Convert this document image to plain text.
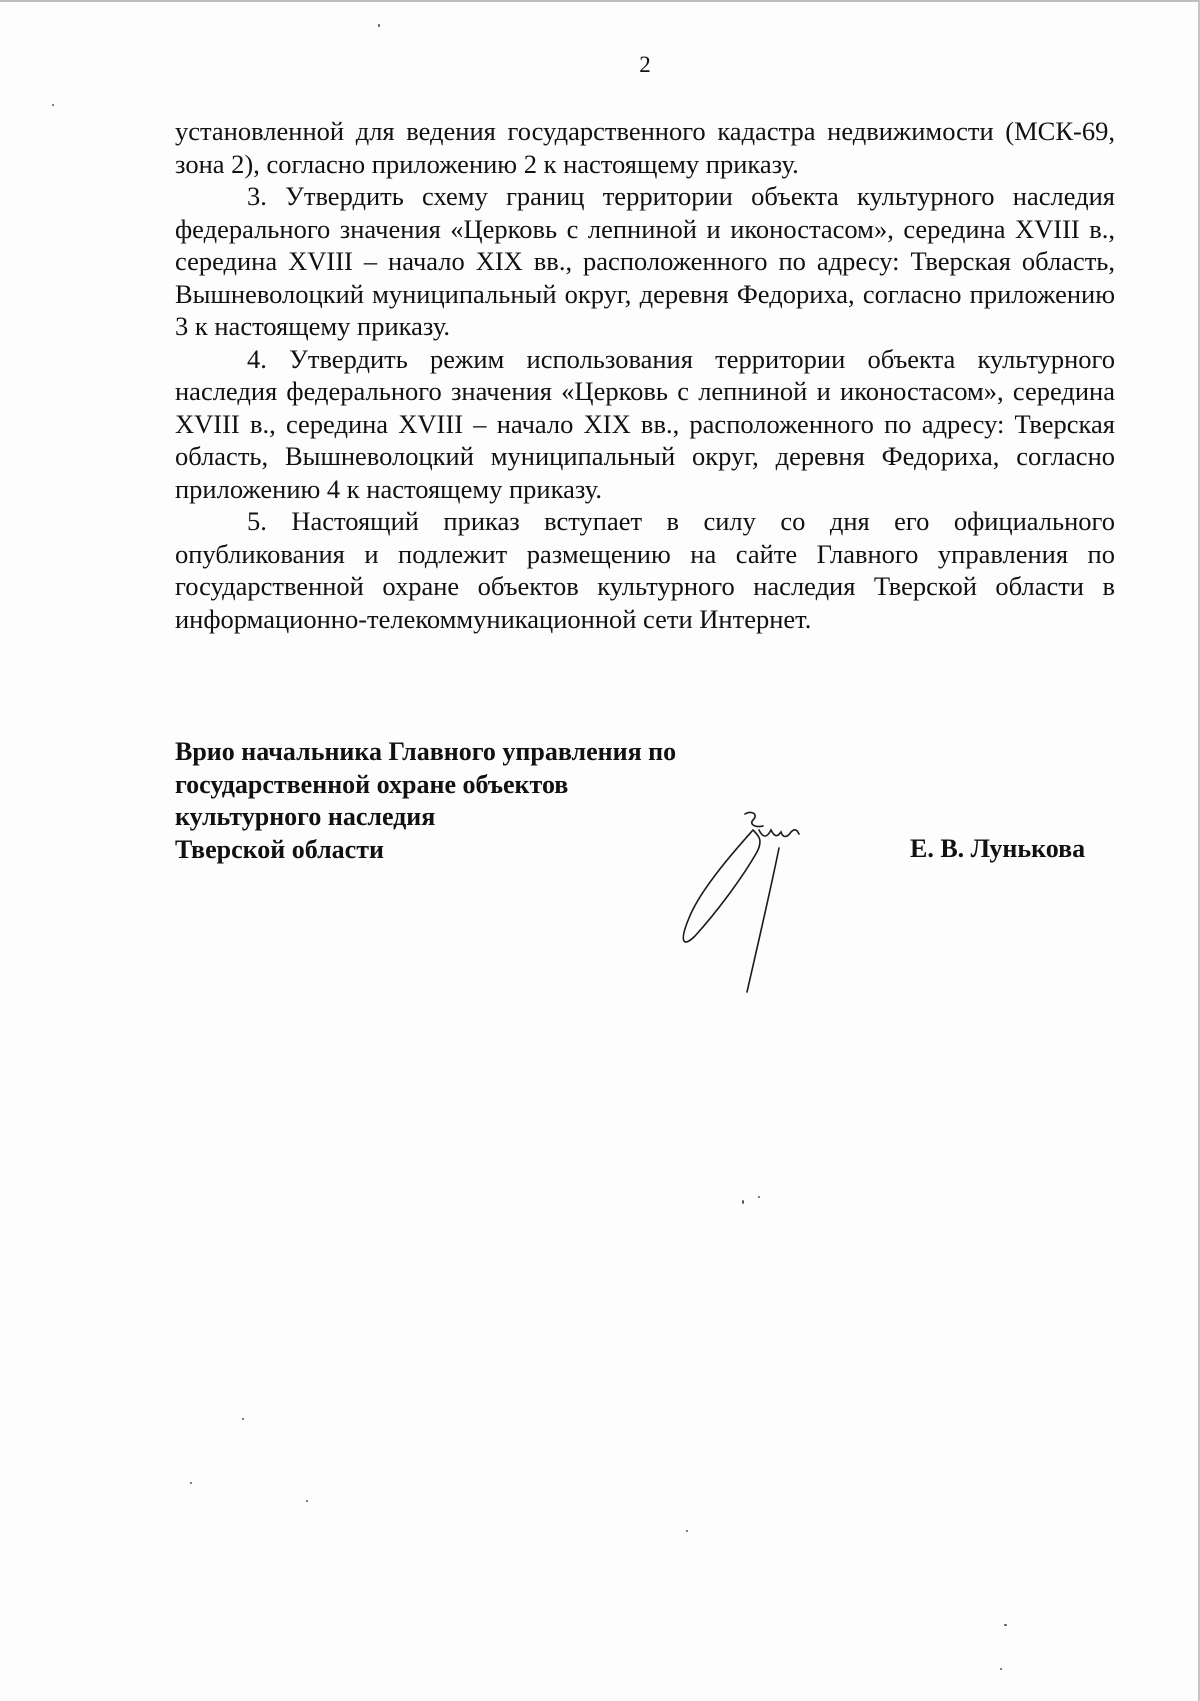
2

установленной для ведения государственного кадастра недвижимости (МСК-69, зона 2), согласно приложению 2 к настоящему приказу.

3. Утвердить схему границ территории объекта культурного наследия федерального значения «Церковь с лепниной и иконостасом», середина XVIII в., середина XVIII – начало XIX вв., расположенного по адресу: Тверская область, Вышневолоцкий муниципальный округ, деревня Федориха, согласно приложению 3 к настоящему приказу.

4. Утвердить режим использования территории объекта культурного наследия федерального значения «Церковь с лепниной и иконостасом», середина XVIII в., середина XVIII – начало XIX вв., расположенного по адресу: Тверская область, Вышневолоцкий муниципальный округ, деревня Федориха, согласно приложению 4 к настоящему приказу.

5. Настоящий приказ вступает в силу со дня его официального опубликования и подлежит размещению на сайте Главного управления по государственной охране объектов культурного наследия Тверской области в информационно-телекоммуникационной сети Интернет.

Врио начальника Главного управления по
государственной охране объектов
культурного наследия
Тверской области	Е. В. Лунькова
